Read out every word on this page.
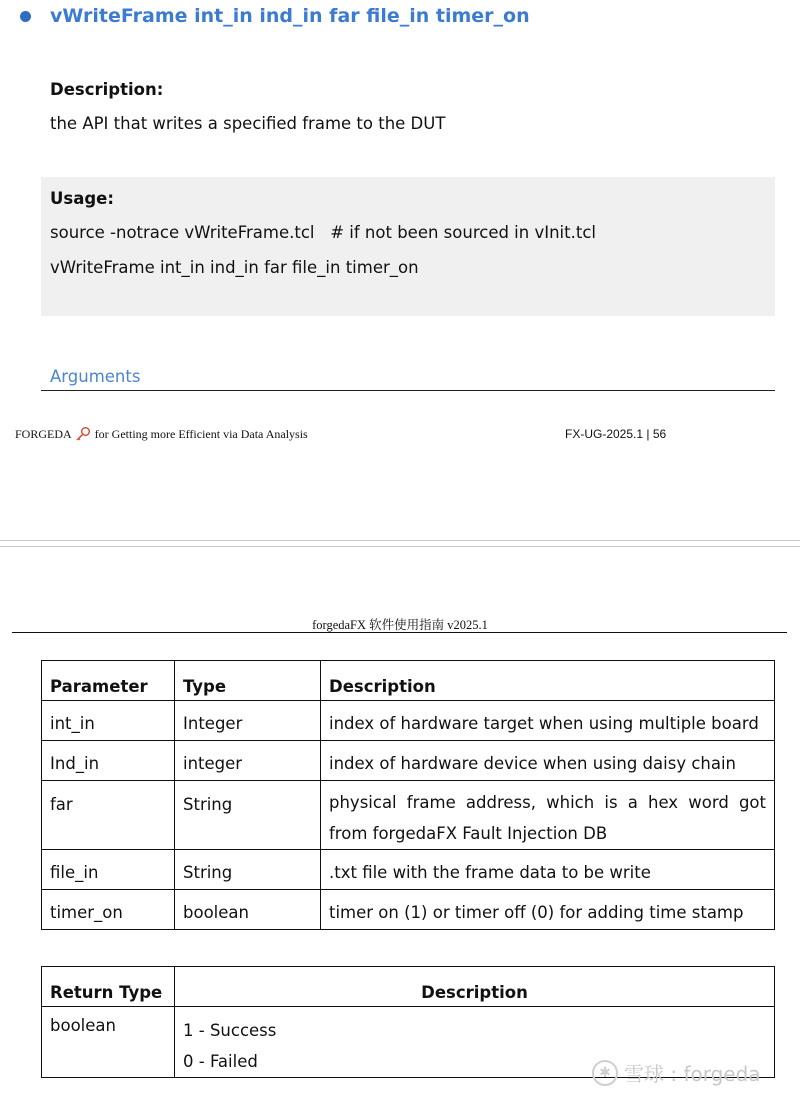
vWriteFrame int_in ind_in far file_in timer_on
Description:
the API that writes a specified frame to the DUT
Usage:
source -notrace vWriteFrame.tcl   # if not been sourced in vInit.tcl
vWriteFrame int_in ind_in far file_in timer_on
Arguments
FORGEDA for Getting more Efficient via Data Analysis	FX-UG-2025.1 | 56
forgedaFX 软件使用指南 v2025.1
Parameter	Type	Description
int_in	Integer	index of hardware target when using multiple board
Ind_in	integer	index of hardware device when using daisy chain
far	String	physical frame address, which is a hex word got from forgedaFX Fault Injection DB
file_in	String	.txt file with the frame data to be write
timer_on	boolean	timer on (1) or timer off (0) for adding time stamp
Return Type	Description
boolean	1 - Success
0 - Failed
✱ 雪球 : forgeda
